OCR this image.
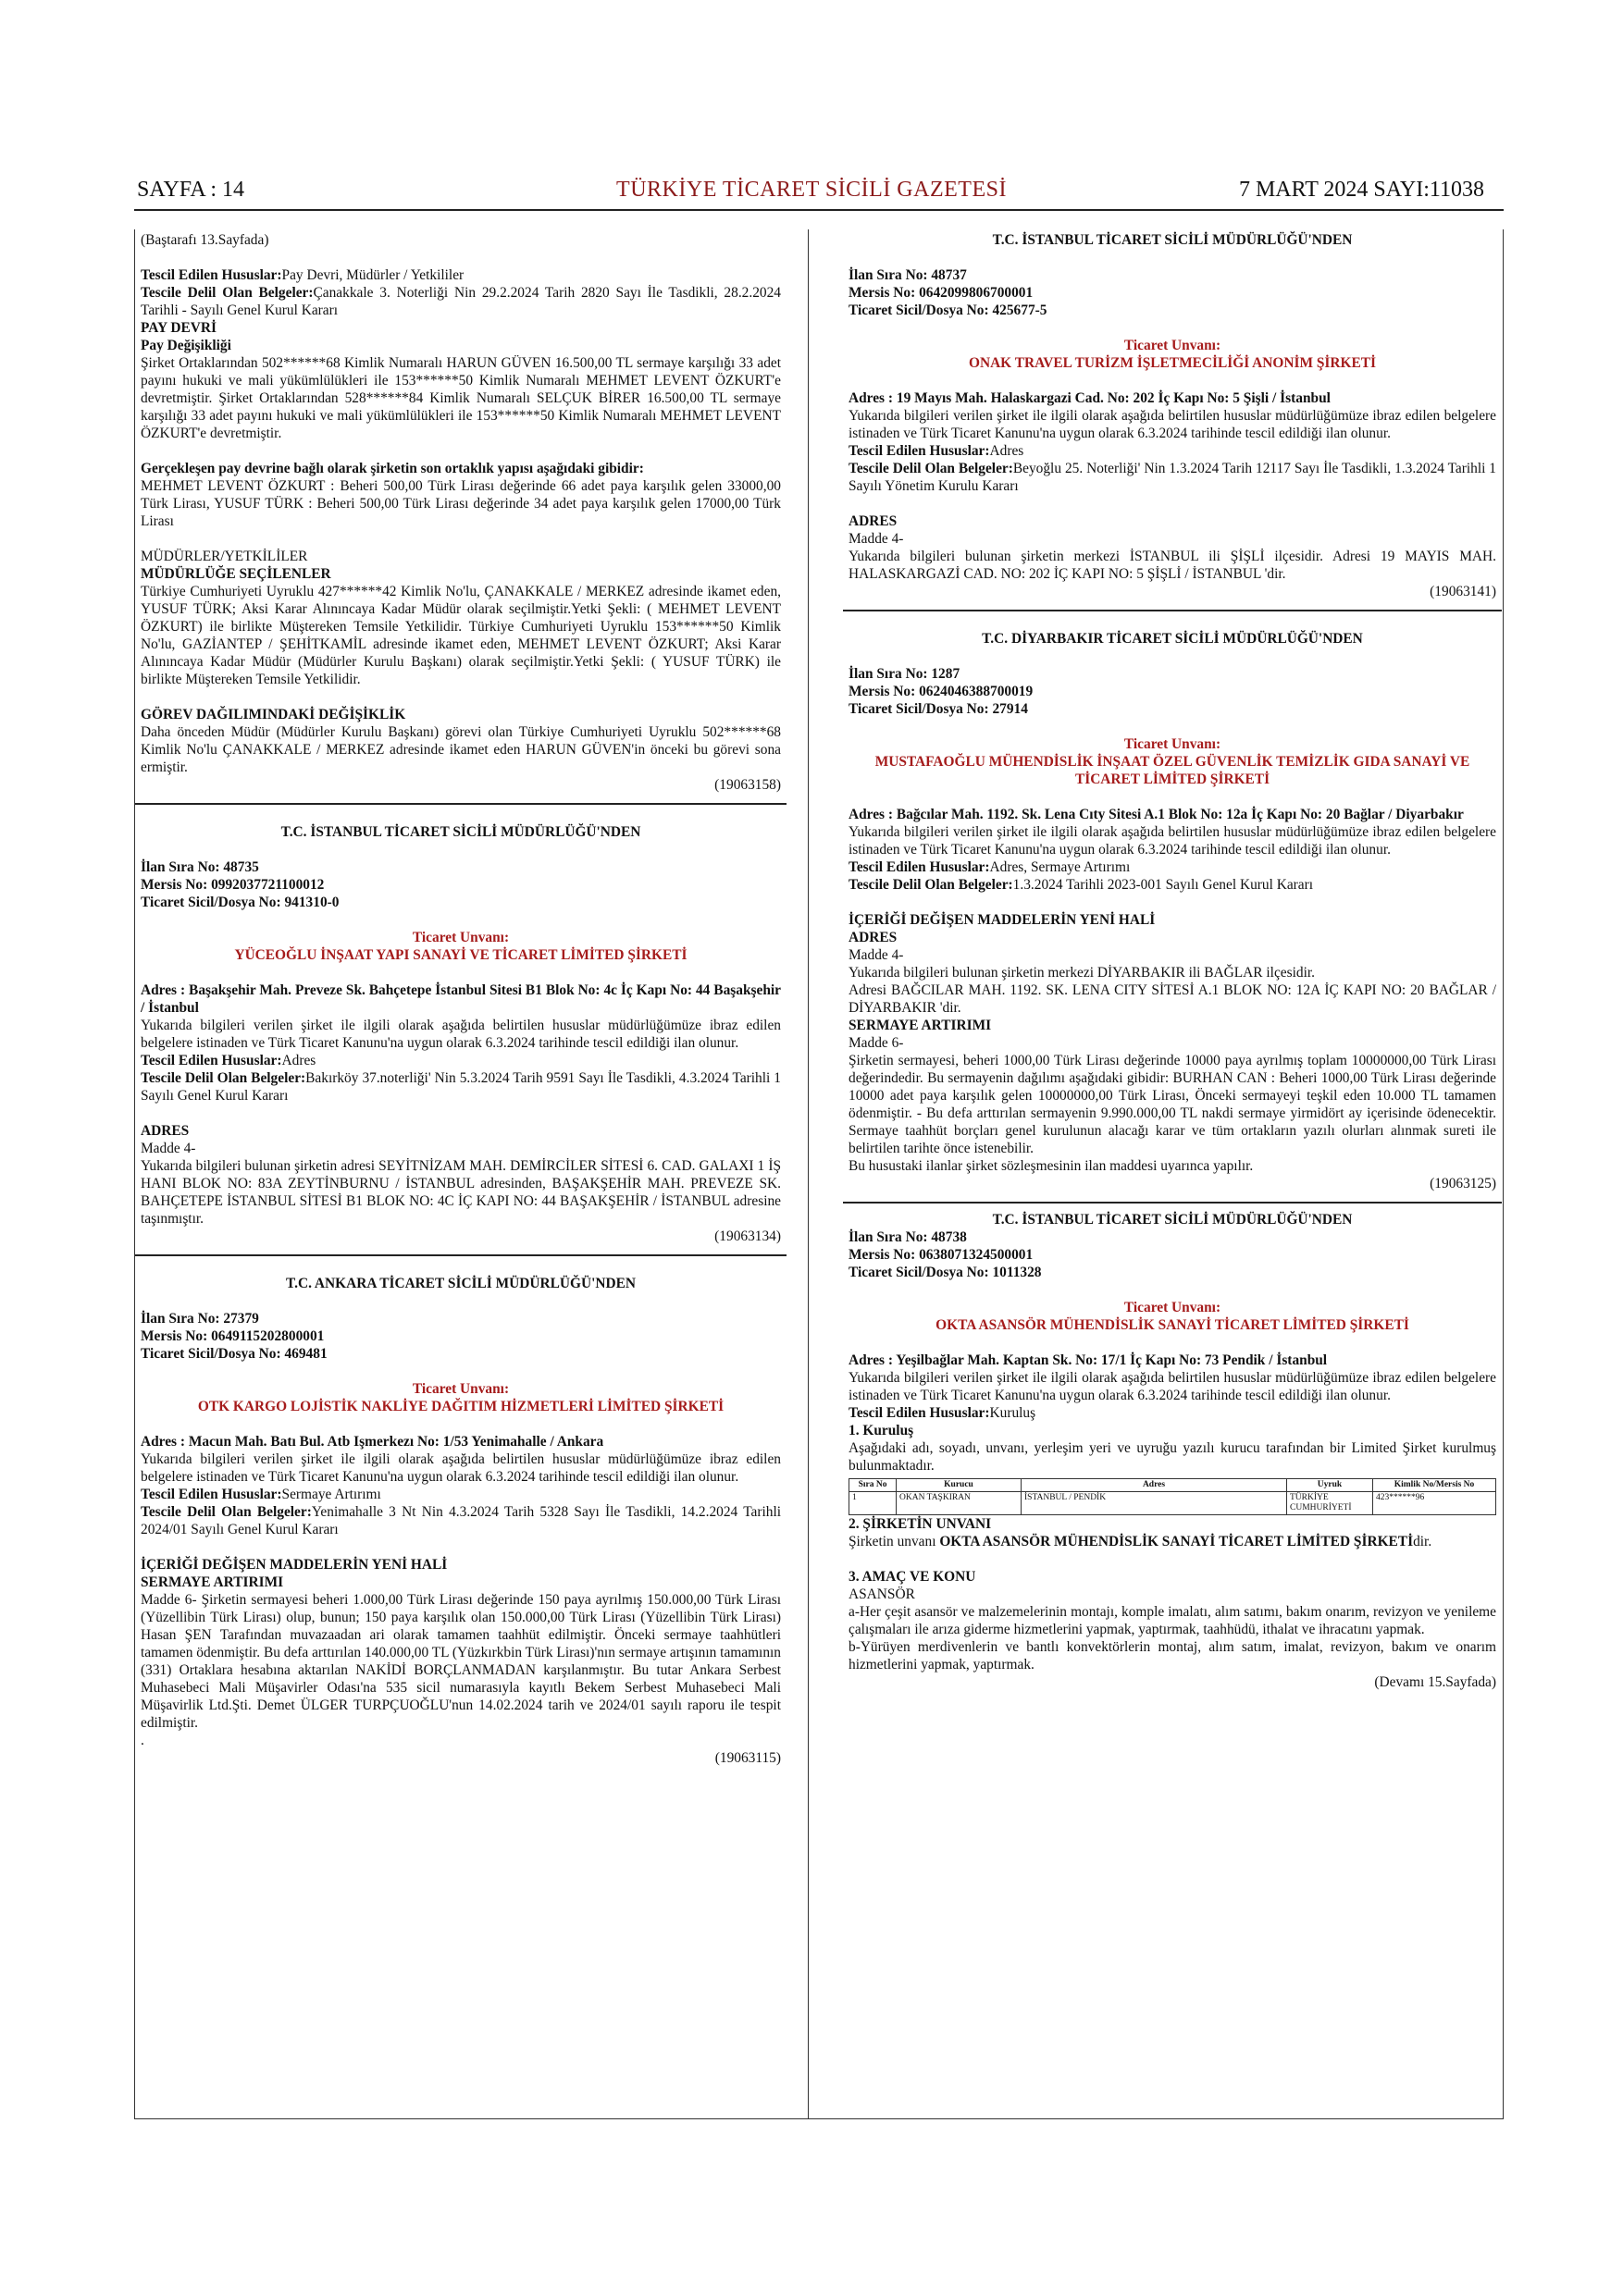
SAYFA : 14	TÜRKİYE TİCARET SİCİLİ GAZETESİ	7 MART 2024 SAYI:11038

(Baştarafı 13.Sayfada)

Tescil Edilen Hususlar:Pay Devri, Müdürler / Yetkililer

Tescile Delil Olan Belgeler:Çanakkale 3. Noterliği Nin 29.2.2024 Tarih 2820 Sayı İle Tasdikli, 28.2.2024 Tarihli - Sayılı Genel Kurul Kararı

PAY DEVRİ

Pay Değişikliği

Şirket Ortaklarından 502******68 Kimlik Numaralı HARUN GÜVEN 16.500,00 TL sermaye karşılığı 33 adet payını hukuki ve mali yükümlülükleri ile 153******50 Kimlik Numaralı MEHMET LEVENT ÖZKURT'e devretmiştir. Şirket Ortaklarından 528******84 Kimlik Numaralı SELÇUK BİRER 16.500,00 TL sermaye karşılığı 33 adet payını hukuki ve mali yükümlülükleri ile 153******50 Kimlik Numaralı MEHMET LEVENT ÖZKURT'e devretmiştir.

Gerçekleşen pay devrine bağlı olarak şirketin son ortaklık yapısı aşağıdaki gibidir:

MEHMET LEVENT ÖZKURT : Beheri 500,00 Türk Lirası değerinde 66 adet paya karşılık gelen 33000,00 Türk Lirası, YUSUF TÜRK : Beheri 500,00 Türk Lirası değerinde 34 adet paya karşılık gelen 17000,00 Türk Lirası

MÜDÜRLER/YETKİLİLER

MÜDÜRLÜĞE SEÇİLENLER

Türkiye Cumhuriyeti Uyruklu 427******42 Kimlik No'lu, ÇANAKKALE / MERKEZ adresinde ikamet eden, YUSUF TÜRK; Aksi Karar Alınıncaya Kadar Müdür olarak seçilmiştir.Yetki Şekli: ( MEHMET LEVENT ÖZKURT) ile birlikte Müştereken Temsile Yetkilidir. Türkiye Cumhuriyeti Uyruklu 153******50 Kimlik No'lu, GAZİANTEP / ŞEHİTKAMİL adresinde ikamet eden, MEHMET LEVENT ÖZKURT; Aksi Karar Alınıncaya Kadar Müdür (Müdürler Kurulu Başkanı) olarak seçilmiştir.Yetki Şekli: ( YUSUF TÜRK) ile birlikte Müştereken Temsile Yetkilidir.

GÖREV DAĞILIMINDAKİ DEĞİŞİKLİK

Daha önceden Müdür (Müdürler Kurulu Başkanı) görevi olan Türkiye Cumhuriyeti Uyruklu 502******68 Kimlik No'lu ÇANAKKALE / MERKEZ adresinde ikamet eden HARUN GÜVEN'in önceki bu görevi sona ermiştir.

(19063158)

T.C. İSTANBUL TİCARET SİCİLİ MÜDÜRLÜĞÜ'NDEN

İlan Sıra No: 48735

Mersis No: 0992037721100012

Ticaret Sicil/Dosya No: 941310-0

Ticaret Unvanı:

YÜCEOĞLU İNŞAAT YAPI SANAYİ VE TİCARET LİMİTED ŞİRKETİ

Adres : Başakşehir Mah. Preveze Sk. Bahçetepe İstanbul Sitesi B1 Blok No: 4c İç Kapı No: 44 Başakşehir / İstanbul

Yukarıda bilgileri verilen şirket ile ilgili olarak aşağıda belirtilen hususlar müdürlüğümüze ibraz edilen belgelere istinaden ve Türk Ticaret Kanunu'na uygun olarak 6.3.2024 tarihinde tescil edildiği ilan olunur.

Tescil Edilen Hususlar:Adres

Tescile Delil Olan Belgeler:Bakırköy 37.noterliği' Nin 5.3.2024 Tarih 9591 Sayı İle Tasdikli, 4.3.2024 Tarihli 1 Sayılı Genel Kurul Kararı

ADRES

Madde 4-

Yukarıda bilgileri bulunan şirketin adresi SEYİTNİZAM MAH. DEMİRCİLER SİTESİ 6. CAD. GALAXI 1 İŞ HANI BLOK NO: 83A ZEYTİNBURNU / İSTANBUL adresinden, BAŞAKŞEHİR MAH. PREVEZE SK. BAHÇETEPE İSTANBUL SİTESİ B1 BLOK NO: 4C İÇ KAPI NO: 44 BAŞAKŞEHİR / İSTANBUL adresine taşınmıştır.

(19063134)

T.C. ANKARA TİCARET SİCİLİ MÜDÜRLÜĞÜ'NDEN

İlan Sıra No: 27379

Mersis No: 0649115202800001

Ticaret Sicil/Dosya No: 469481

Ticaret Unvanı:

OTK KARGO LOJİSTİK NAKLİYE DAĞITIM HİZMETLERİ LİMİTED ŞİRKETİ

Adres : Macun Mah. Batı Bul. Atb Işmerkezı No: 1/53 Yenimahalle / Ankara

Yukarıda bilgileri verilen şirket ile ilgili olarak aşağıda belirtilen hususlar müdürlüğümüze ibraz edilen belgelere istinaden ve Türk Ticaret Kanunu'na uygun olarak 6.3.2024 tarihinde tescil edildiği ilan olunur.

Tescil Edilen Hususlar:Sermaye Artırımı

Tescile Delil Olan Belgeler:Yenimahalle 3 Nt Nin 4.3.2024 Tarih 5328 Sayı İle Tasdikli, 14.2.2024 Tarihli 2024/01 Sayılı Genel Kurul Kararı

İÇERİĞİ DEĞİŞEN MADDELERİN YENİ HALİ

SERMAYE ARTIRIMI

Madde 6- Şirketin sermayesi beheri 1.000,00 Türk Lirası değerinde 150 paya ayrılmış 150.000,00 Türk Lirası (Yüzellibin Türk Lirası) olup, bunun; 150 paya karşılık olan 150.000,00 Türk Lirası (Yüzellibin Türk Lirası) Hasan ŞEN Tarafından muvazaadan ari olarak tamamen taahhüt edilmiştir. Önceki sermaye taahhütleri tamamen ödenmiştir. Bu defa arttırılan 140.000,00 TL (Yüzkırkbin Türk Lirası)'nın sermaye artışının tamamının (331) Ortaklara hesabına aktarılan NAKİDİ BORÇLANMADAN karşılanmıştır. Bu tutar Ankara Serbest Muhasebeci Mali Müşavirler Odası'na 535 sicil numarasıyla kayıtlı Bekem Serbest Muhasebeci Mali Müşavirlik Ltd.Şti. Demet ÜLGER TURPÇUOĞLU'nun 14.02.2024 tarih ve 2024/01 sayılı raporu ile tespit edilmiştir.

.

(19063115)

T.C. İSTANBUL TİCARET SİCİLİ MÜDÜRLÜĞÜ'NDEN

İlan Sıra No: 48737

Mersis No: 0642099806700001

Ticaret Sicil/Dosya No: 425677-5

Ticaret Unvanı:

ONAK TRAVEL TURİZM İŞLETMECİLİĞİ ANONİM ŞİRKETİ

Adres : 19 Mayıs Mah. Halaskargazi Cad. No: 202 İç Kapı No: 5 Şişli / İstanbul

Yukarıda bilgileri verilen şirket ile ilgili olarak aşağıda belirtilen hususlar müdürlüğümüze ibraz edilen belgelere istinaden ve Türk Ticaret Kanunu'na uygun olarak 6.3.2024 tarihinde tescil edildiği ilan olunur.

Tescil Edilen Hususlar:Adres

Tescile Delil Olan Belgeler:Beyoğlu 25. Noterliği' Nin 1.3.2024 Tarih 12117 Sayı İle Tasdikli, 1.3.2024 Tarihli 1 Sayılı Yönetim Kurulu Kararı

ADRES

Madde 4-

Yukarıda bilgileri bulunan şirketin merkezi İSTANBUL ili ŞİŞLİ ilçesidir. Adresi 19 MAYIS MAH. HALASKARGAZİ CAD. NO: 202 İÇ KAPI NO: 5 ŞİŞLİ / İSTANBUL 'dir.

(19063141)

T.C. DİYARBAKIR TİCARET SİCİLİ MÜDÜRLÜĞÜ'NDEN

İlan Sıra No: 1287

Mersis No: 0624046388700019

Ticaret Sicil/Dosya No: 27914

Ticaret Unvanı:

MUSTAFAOĞLU MÜHENDİSLİK İNŞAAT ÖZEL GÜVENLİK TEMİZLİK GIDA SANAYİ VE TİCARET LİMİTED ŞİRKETİ

Adres : Bağcılar Mah. 1192. Sk. Lena Cıty Sitesi A.1 Blok No: 12a İç Kapı No: 20 Bağlar / Diyarbakır

Yukarıda bilgileri verilen şirket ile ilgili olarak aşağıda belirtilen hususlar müdürlüğümüze ibraz edilen belgelere istinaden ve Türk Ticaret Kanunu'na uygun olarak 6.3.2024 tarihinde tescil edildiği ilan olunur.

Tescil Edilen Hususlar:Adres, Sermaye Artırımı

Tescile Delil Olan Belgeler:1.3.2024 Tarihli 2023-001 Sayılı Genel Kurul Kararı

İÇERİĞİ DEĞİŞEN MADDELERİN YENİ HALİ

ADRES

Madde 4-

Yukarıda bilgileri bulunan şirketin merkezi DİYARBAKIR ili BAĞLAR ilçesidir.

Adresi BAĞCILAR MAH. 1192. SK. LENA CITY SİTESİ A.1 BLOK NO: 12A İÇ KAPI NO: 20 BAĞLAR / DİYARBAKIR 'dir.

SERMAYE ARTIRIMI

Madde 6-

Şirketin sermayesi, beheri 1000,00 Türk Lirası değerinde 10000 paya ayrılmış toplam 10000000,00 Türk Lirası değerindedir. Bu sermayenin dağılımı aşağıdaki gibidir: BURHAN CAN : Beheri 1000,00 Türk Lirası değerinde 10000 adet paya karşılık gelen 10000000,00 Türk Lirası, Önceki sermayeyi teşkil eden 10.000 TL tamamen ödenmiştir. - Bu defa arttırılan sermayenin 9.990.000,00 TL nakdi sermaye yirmidört ay içerisinde ödenecektir. Sermaye taahhüt borçları genel kurulunun alacağı karar ve tüm ortakların yazılı olurları alınmak sureti ile belirtilen tarihte önce istenebilir.

Bu husustaki ilanlar şirket sözleşmesinin ilan maddesi uyarınca yapılır.

(19063125)

T.C. İSTANBUL TİCARET SİCİLİ MÜDÜRLÜĞÜ'NDEN

İlan Sıra No: 48738

Mersis No: 0638071324500001

Ticaret Sicil/Dosya No: 1011328

Ticaret Unvanı:

OKTA ASANSÖR MÜHENDİSLİK SANAYİ TİCARET LİMİTED ŞİRKETİ

Adres : Yeşilbağlar Mah. Kaptan Sk. No: 17/1 İç Kapı No: 73 Pendik / İstanbul

Yukarıda bilgileri verilen şirket ile ilgili olarak aşağıda belirtilen hususlar müdürlüğümüze ibraz edilen belgelere istinaden ve Türk Ticaret Kanunu'na uygun olarak 6.3.2024 tarihinde tescil edildiği ilan olunur.

Tescil Edilen Hususlar:Kuruluş

1. Kuruluş

Aşağıdaki adı, soyadı, unvanı, yerleşim yeri ve uyruğu yazılı kurucu tarafından bir Limited Şirket kurulmuş bulunmaktadır.

Sıra No	Kurucu	Adres	Uyruk	Kimlik No/Mersis No
1	OKAN TAŞKIRAN	İSTANBUL / PENDİK	TÜRKİYE CUMHURİYETİ	423******96

2. ŞİRKETİN UNVANI

Şirketin unvanı OKTA ASANSÖR MÜHENDİSLİK SANAYİ TİCARET LİMİTED ŞİRKETİdir.

3. AMAÇ VE KONU

ASANSÖR

a-Her çeşit asansör ve malzemelerinin montajı, komple imalatı, alım satımı, bakım onarım, revizyon ve yenileme çalışmaları ile arıza giderme hizmetlerini yapmak, yaptırmak, taahhüdü, ithalat ve ihracatını yapmak.

b-Yürüyen merdivenlerin ve bantlı konvektörlerin montaj, alım satım, imalat, revizyon, bakım ve onarım hizmetlerini yapmak, yaptırmak.

(Devamı 15.Sayfada)
